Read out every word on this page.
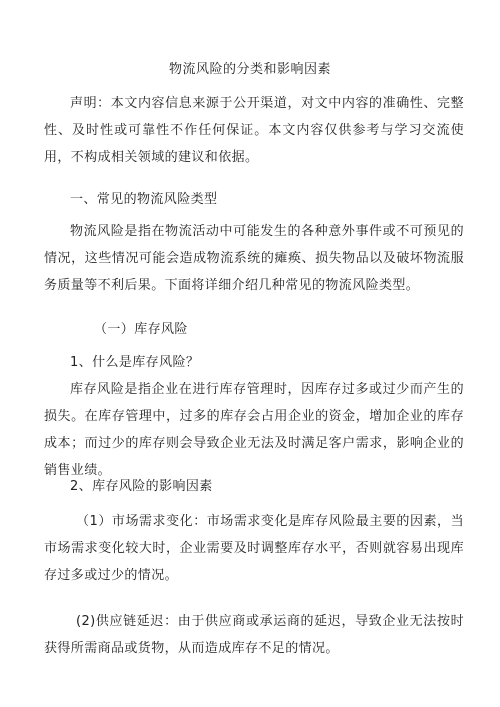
物流风险的分类和影响因素
声明：本文内容信息来源于公开渠道，对文中内容的准确性、完整性、及时性或可靠性不作任何保证。本文内容仅供参考与学习交流使用，不构成相关领域的建议和依据。
一、常见的物流风险类型
物流风险是指在物流活动中可能发生的各种意外事件或不可预见的情况，这些情况可能会造成物流系统的瘫痪、损失物品以及破坏物流服务质量等不利后果。下面将详细介绍几种常见的物流风险类型。
（一）库存风险
1、什么是库存风险？
库存风险是指企业在进行库存管理时，因库存过多或过少而产生的损失。在库存管理中，过多的库存会占用企业的资金，增加企业的库存成本；而过少的库存则会导致企业无法及时满足客户需求，影响企业的销售业绩。
2、库存风险的影响因素
（1）市场需求变化：市场需求变化是库存风险最主要的因素，当市场需求变化较大时，企业需要及时调整库存水平，否则就容易出现库存过多或过少的情况。
(2)供应链延迟：由于供应商或承运商的延迟，导致企业无法按时获得所需商品或货物，从而造成库存不足的情况。
